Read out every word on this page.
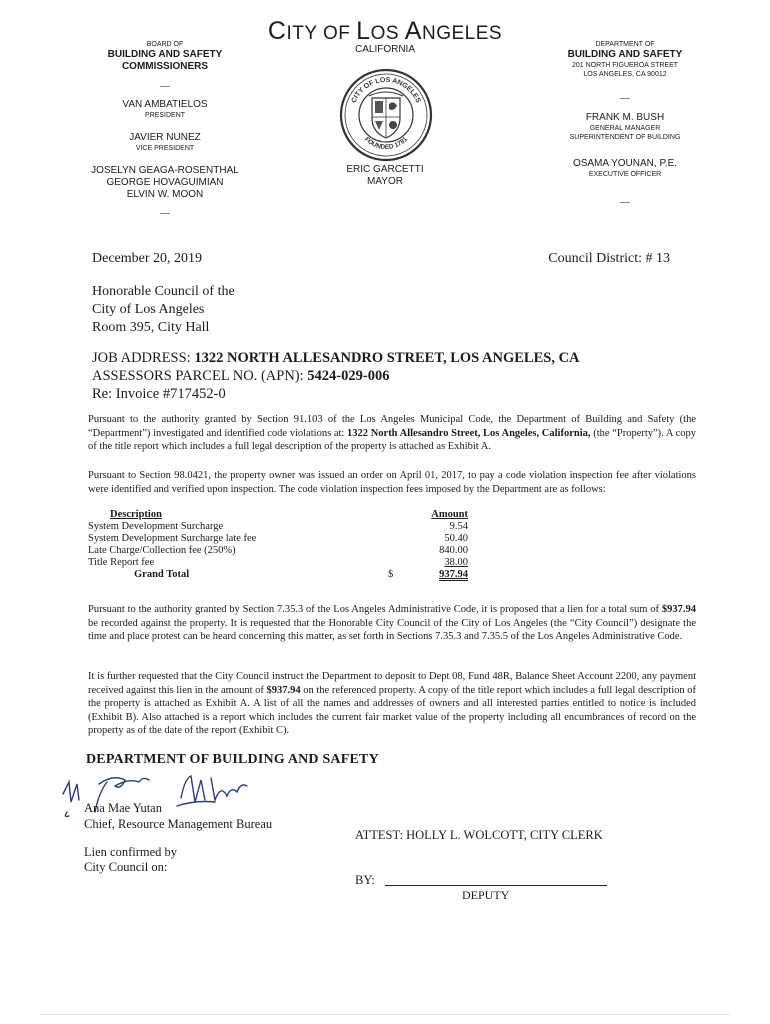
CITY OF LOS ANGELES
CALIFORNIA
CITY OF LOS ANGELES
FOUNDED 1781
ERIC GARCETTI
MAYOR
BOARD OF
BUILDING AND SAFETY
COMMISSIONERS
VAN AMBATIELOS
PRESIDENT
JAVIER NUNEZ
VICE PRESIDENT
JOSELYN GEAGA-ROSENTHAL
GEORGE HOVAGUIMIAN
ELVIN W. MOON
DEPARTMENT OF
BUILDING AND SAFETY
201 NORTH FIGUEROA STREET
LOS ANGELES, CA 90012
FRANK M. BUSH
GENERAL MANAGER
SUPERINTENDENT OF BUILDING
OSAMA YOUNAN, P.E.
EXECUTIVE OFFICER
December 20, 2019	Council District: # 13
Honorable Council of the
City of Los Angeles
Room 395, City Hall
JOB ADDRESS: 1322 NORTH ALLESANDRO STREET, LOS ANGELES, CA
ASSESSORS PARCEL NO. (APN): 5424-029-006
Re: Invoice #717452-0
Pursuant to the authority granted by Section 91.103 of the Los Angeles Municipal Code, the Department of Building and Safety (the “Department”) investigated and identified code violations at: 1322 North Allesandro Street, Los Angeles, California, (the “Property”). A copy of the title report which includes a full legal description of the property is attached as Exhibit A.
Pursuant to Section 98.0421, the property owner was issued an order on April 01, 2017, to pay a code violation inspection fee after violations were identified and verified upon inspection. The code violation inspection fees imposed by the Department are as follows:
Description		Amount
System Development Surcharge		9.54
System Development Surcharge late fee		50.40
Late Charge/Collection fee (250%)		840.00
Title Report fee		38.00
Grand Total	$	937.94
Pursuant to the authority granted by Section 7.35.3 of the Los Angeles Administrative Code, it is proposed that a lien for a total sum of $937.94 be recorded against the property. It is requested that the Honorable City Council of the City of Los Angeles (the “City Council”) designate the time and place protest can be heard concerning this matter, as set forth in Sections 7.35.3 and 7.35.5 of the Los Angeles Administrative Code.
It is further requested that the City Council instruct the Department to deposit to Dept 08, Fund 48R, Balance Sheet Account 2200, any payment received against this lien in the amount of $937.94 on the referenced property. A copy of the title report which includes a full legal description of the property is attached as Exhibit A. A list of all the names and addresses of owners and all interested parties entitled to notice is included (Exhibit B). Also attached is a report which includes the current fair market value of the property including all encumbrances of record on the property as of the date of the report (Exhibit C).
DEPARTMENT OF BUILDING AND SAFETY
Ana Mae Yutan
Chief, Resource Management Bureau
ATTEST: HOLLY L. WOLCOTT, CITY CLERK
Lien confirmed by
City Council on:
BY:
DEPUTY
